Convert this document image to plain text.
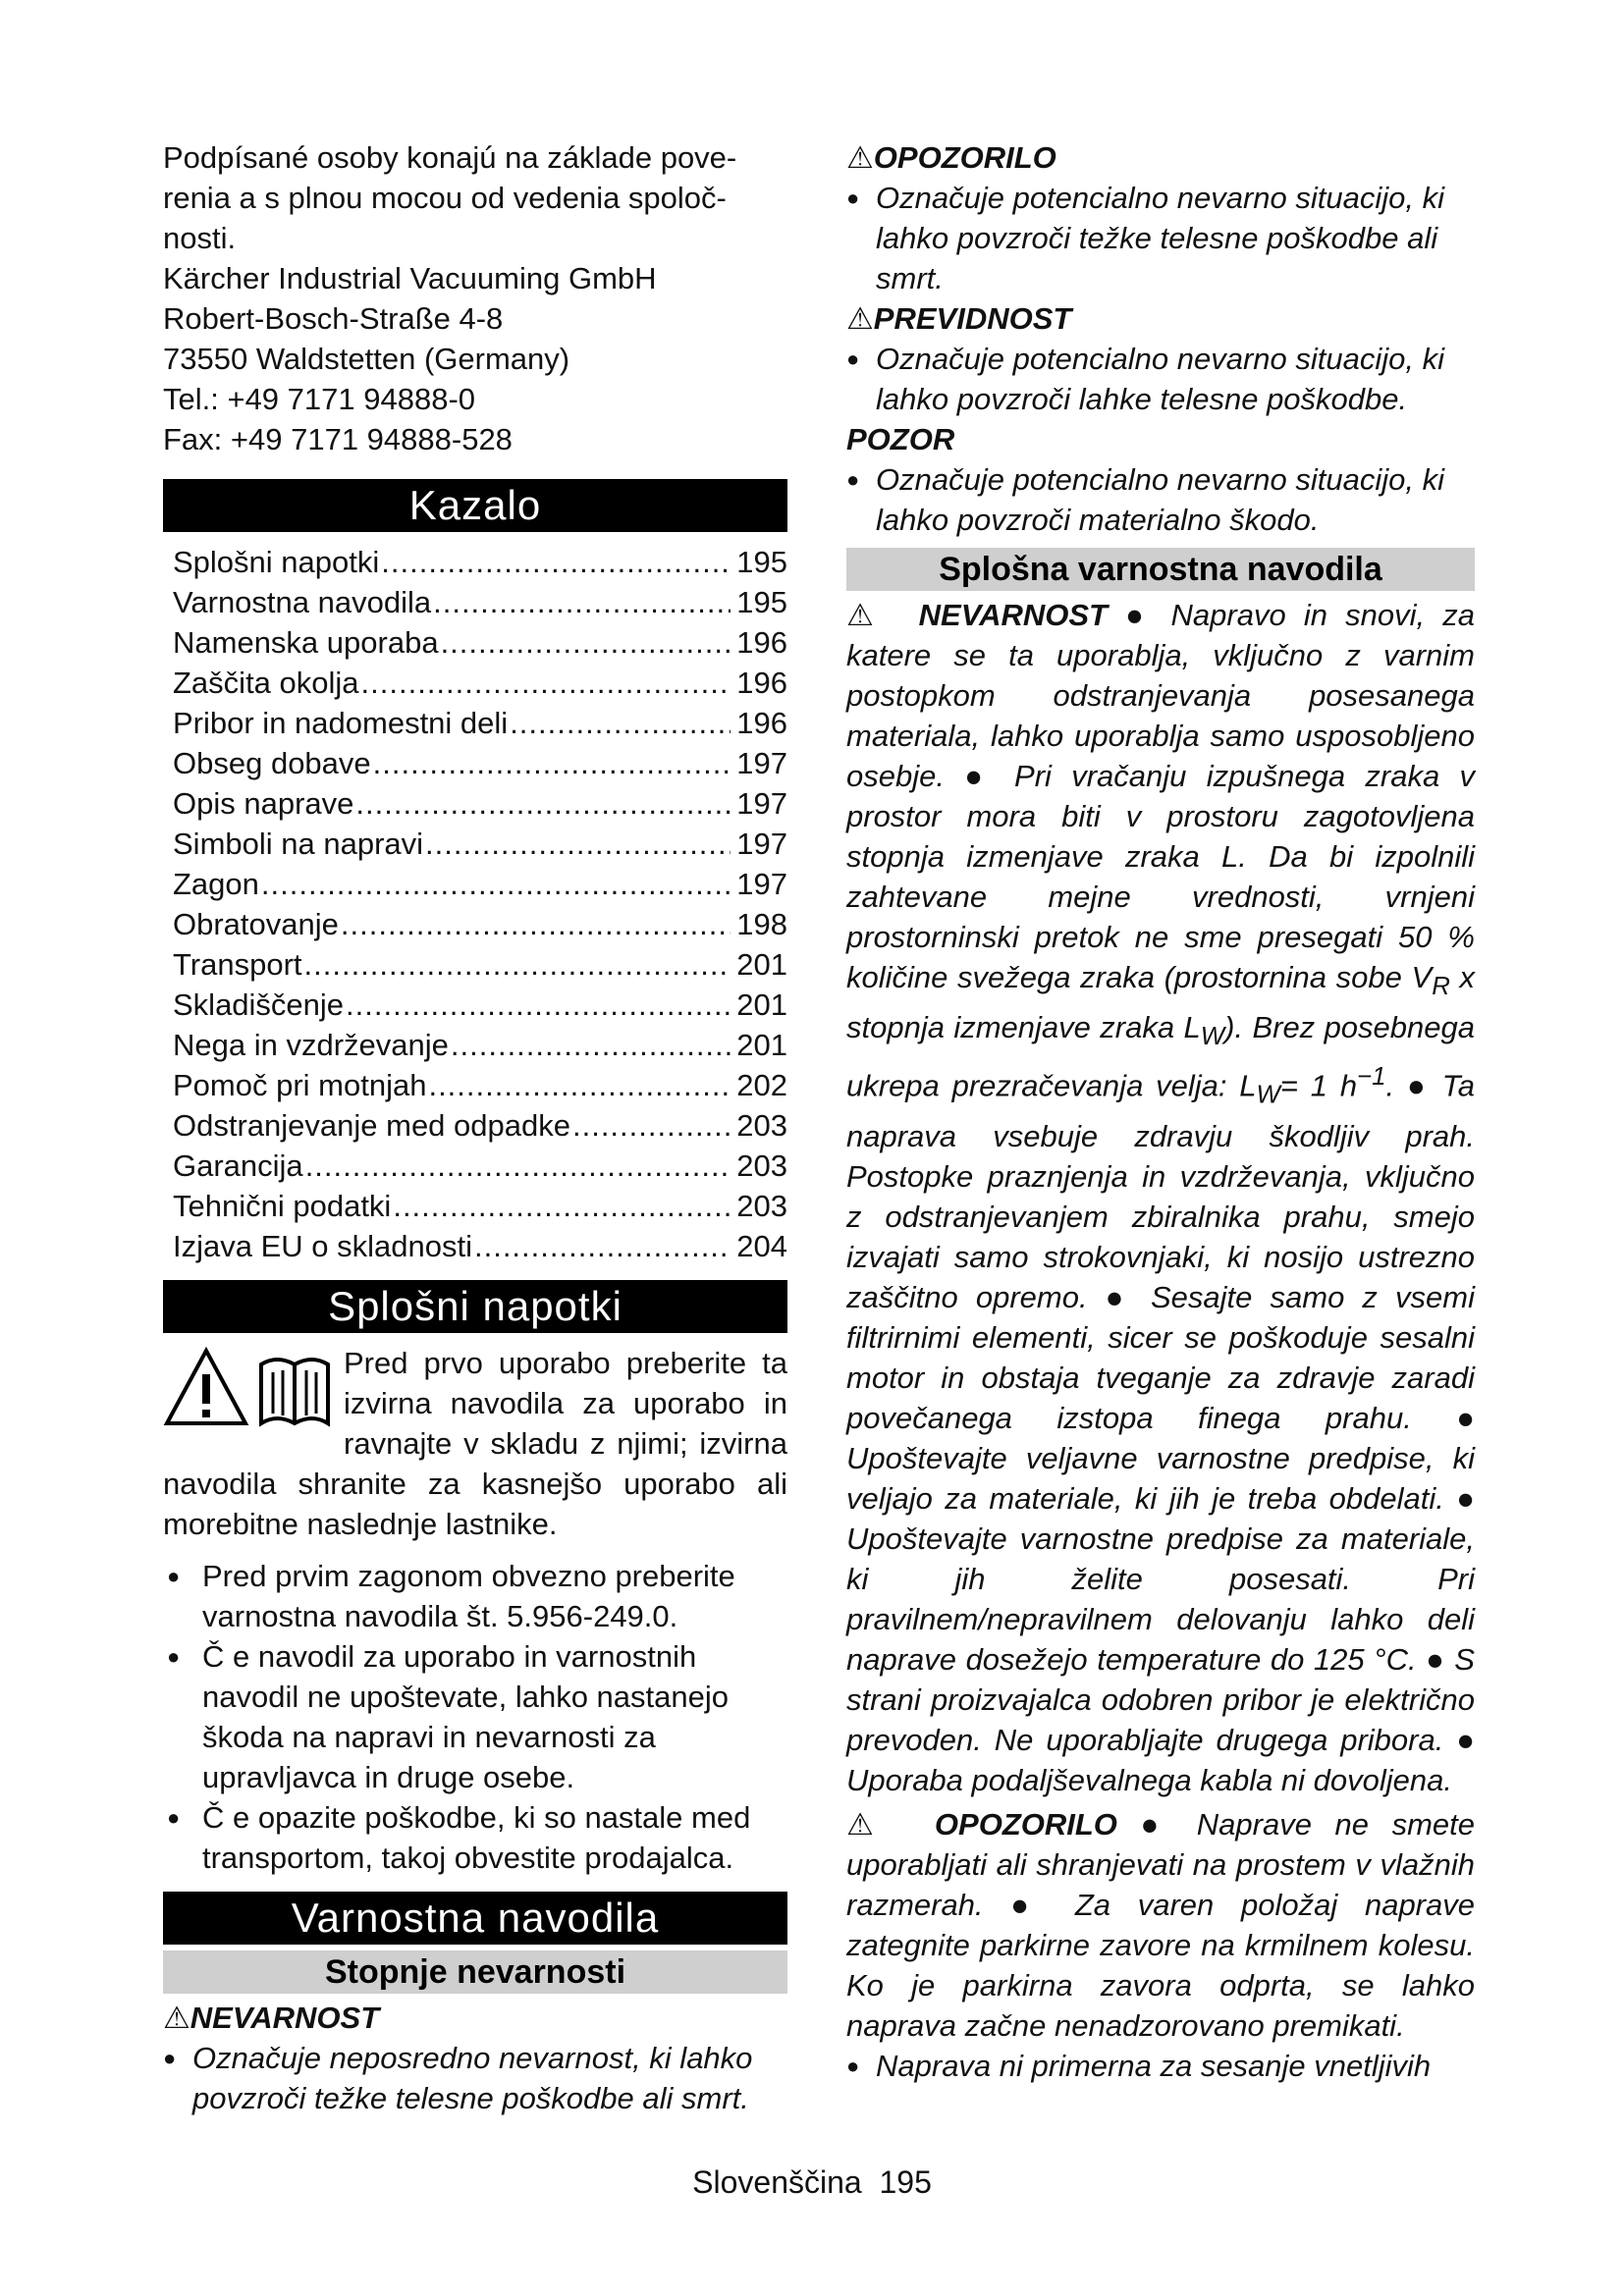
Podpísané osoby konajú na základe pove-

renia a s plnou mocou od vedenia spoloč-

nosti.

Kärcher Industrial Vacuuming GmbH

Robert-Bosch-Straße 4-8

73550 Waldstetten (Germany)

Tel.: +49 7171 94888-0

Fax: +49 7171 94888-528

Kazalo
Splošni napotki .....	195
Varnostna navodila .....	195
Namenska uporaba .....	196
Zaščita okolja .....	196
Pribor in nadomestni deli .....	196
Obseg dobave .....	197
Opis naprave .....	197
Simboli na napravi .....	197
Zagon .....	197
Obratovanje .....	198
Transport .....	201
Skladiščenje .....	201
Nega in vzdrževanje .....	201
Pomoč pri motnjah .....	202
Odstranjevanje med odpadke .....	203
Garancija .....	203
Tehnični podatki .....	203
Izjava EU o skladnosti .....	204
Splošni napotki

Pred prvo uporabo preberite ta izvirna navodila za uporabo in ravnajte v skladu z njimi; izvirna navodila shranite za kasnejšo uporabo ali morebitne naslednje lastnike.

● Pred prvim zagonom obvezno preberite varnostna navodila št. 5.956-249.0.
● Č e navodil za uporabo in varnostnih navodil ne upoštevate, lahko nastanejo škoda na napravi in nevarnosti za upravljavca in druge osebe.
● Č e opazite poškodbe, ki so nastale med transportom, takoj obvestite prodajalca.
Varnostna navodila
Stopnje nevarnosti

⚠NEVARNOST

● Označuje neposredno nevarnost, ki lahko povzroči težke telesne poškodbe ali smrt.

⚠OPOZORILO

● Označuje potencialno nevarno situacijo, ki lahko povzroči težke telesne poškodbe ali smrt.

⚠PREVIDNOST

● Označuje potencialno nevarno situacijo, ki lahko povzroči lahke telesne poškodbe.

POZOR

● Označuje potencialno nevarno situacijo, ki lahko povzroči materialno škodo.

Splošna varnostna navodila

⚠ NEVARNOST ● Napravo in snovi, za katere se ta uporablja, vključno z varnim postopkom odstranjevanja posesanega materiala, lahko uporablja samo usposobljeno osebje. ● Pri vračanju izpušnega zraka v prostor mora biti v prostoru zagotovljena stopnja izmenjave zraka L. Da bi izpolnili zahtevane mejne vrednosti, vrnjeni prostorninski pretok ne sme presegati 50 % količine svežega zraka (prostornina sobe $V_R$ x stopnja izmenjave zraka $L_W$). Brez posebnega ukrepa prezračevanja velja: $L_W= 1$ $h^{-1}$. ● Ta naprava vsebuje zdravju škodljiv prah. Postopke praznjenja in vzdrževanja, vključno z odstranjevanjem zbiralnika prahu, smejo izvajati samo strokovnjaki, ki nosijo ustrezno zaščitno opremo. ● Sesajte samo z vsemi filtrirnimi elementi, sicer se poškoduje sesalni motor in obstaja tveganje za zdravje zaradi povečanega izstopa finega prahu. ● Upoštevajte veljavne varnostne predpise, ki veljajo za materiale, ki jih je treba obdelati. ● Upoštevajte varnostne predpise za materiale, ki jih želite posesati. Pri pravilnem/nepravilnem delovanju lahko deli naprave dosežejo temperature do 125 °C. ● S strani proizvajalca odobren pribor je električno prevoden. Ne uporabljajte drugega pribora. ● Uporaba podaljševalnega kabla ni dovoljena.

⚠ OPOZORILO ● Naprave ne smete uporabljati ali shranjevati na prostem v vlažnih razmerah. ● Za varen položaj naprave zategnite parkirne zavore na krmilnem kolesu. Ko je parkirna zavora odprta, se lahko naprava začne nenadzorovano premikati.

● Naprava ni primerna za sesanje vnetljivih

Slovenščina 195
